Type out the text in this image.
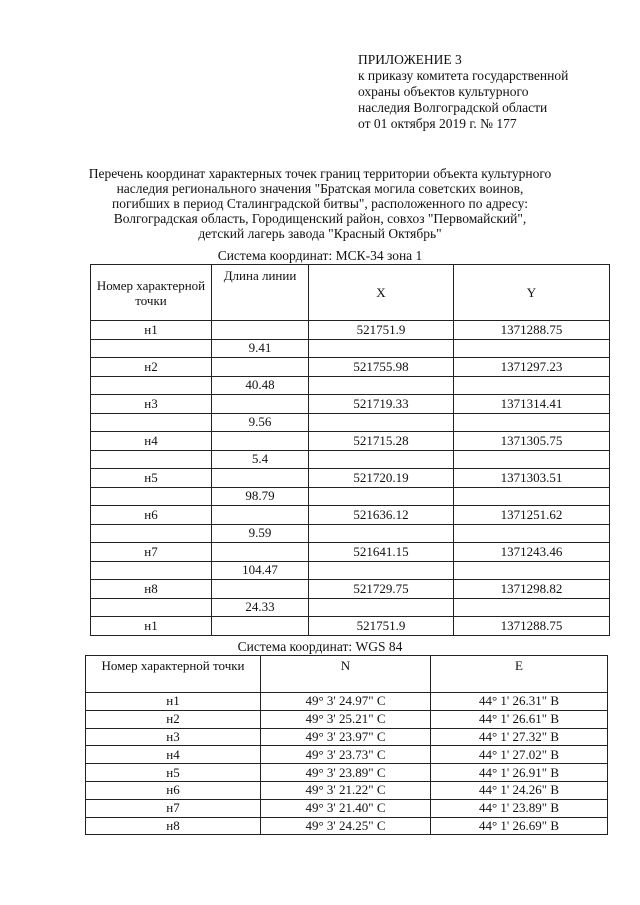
ПРИЛОЖЕНИЕ 3
к приказу комитета государственной
охраны объектов культурного
наследия Волгоградской области
от 01 октября 2019 г. № 177
Перечень координат характерных точек границ территории объекта культурного
наследия регионального значения "Братская могила советских воинов,
погибших в период Сталинградской битвы", расположенного по адресу:
Волгоградская область, Городищенский район, совхоз "Первомайский",
детский лагерь завода "Красный Октябрь"
Система координат: МСК-34 зона 1
Номер характерной точки	Длина линии	X	Y
н1		521751.9	1371288.75
	9.41		
н2		521755.98	1371297.23
	40.48		
н3		521719.33	1371314.41
	9.56		
н4		521715.28	1371305.75
	5.4		
н5		521720.19	1371303.51
	98.79		
н6		521636.12	1371251.62
	9.59		
н7		521641.15	1371243.46
	104.47		
н8		521729.75	1371298.82
	24.33		
н1		521751.9	1371288.75
Система координат: WGS 84
Номер характерной точки	N	E
н1	49° 3' 24.97" С	44° 1' 26.31" В
н2	49° 3' 25.21" С	44° 1' 26.61" В
н3	49° 3' 23.97" С	44° 1' 27.32" В
н4	49° 3' 23.73" С	44° 1' 27.02" В
н5	49° 3' 23.89" С	44° 1' 26.91" В
н6	49° 3' 21.22" С	44° 1' 24.26" В
н7	49° 3' 21.40" С	44° 1' 23.89" В
н8	49° 3' 24.25" С	44° 1' 26.69" В
